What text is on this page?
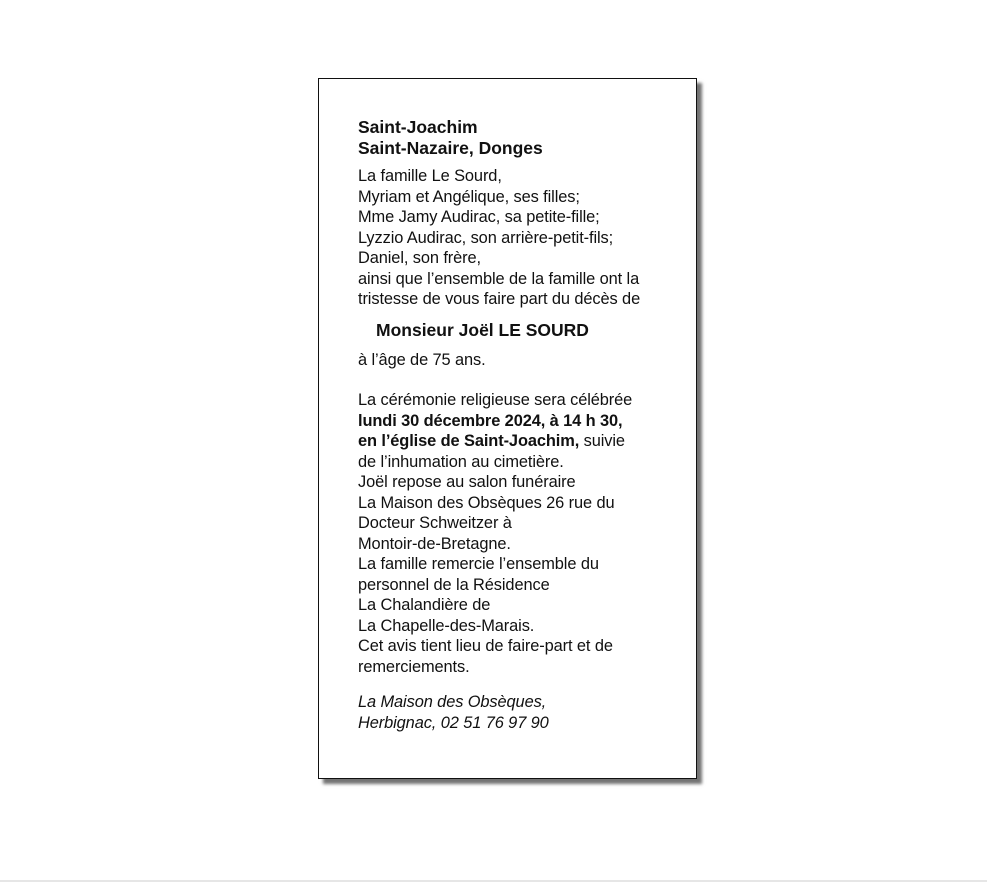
Saint-Joachim
Saint-Nazaire, Donges

La famille Le Sourd,
Myriam et Angélique, ses filles;
Mme Jamy Audirac, sa petite-fille;
Lyzzio Audirac, son arrière-petit-fils;
Daniel, son frère,
ainsi que l’ensemble de la famille ont la
tristesse de vous faire part du décès de

Monsieur Joël LE SOURD

à l’âge de 75 ans.

La cérémonie religieuse sera célébrée
lundi 30 décembre 2024, à 14 h 30,
en l’église de Saint-Joachim, suivie
de l’inhumation au cimetière.
Joël repose au salon funéraire
La Maison des Obsèques 26 rue du
Docteur Schweitzer à
Montoir-de-Bretagne.
La famille remercie l’ensemble du
personnel de la Résidence
La Chalandière de
La Chapelle-des-Marais.
Cet avis tient lieu de faire-part et de
remerciements.

La Maison des Obsèques,
Herbignac, 02 51 76 97 90
